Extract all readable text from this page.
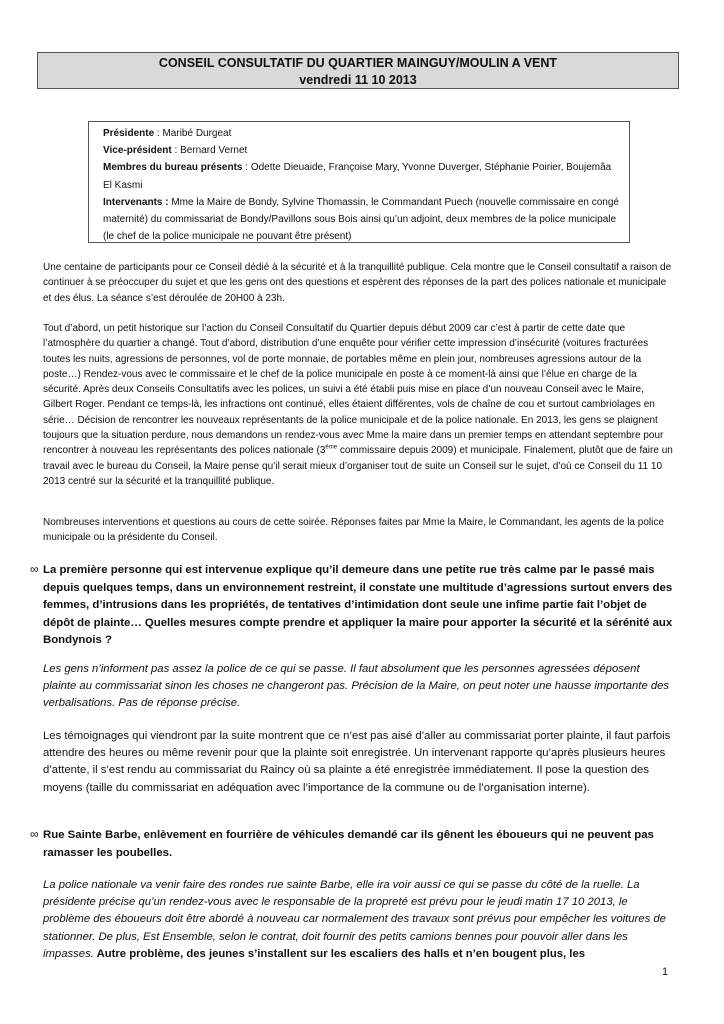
CONSEIL CONSULTATIF DU QUARTIER MAINGUY/MOULIN A VENT
vendredi 11 10 2013
Présidente : Maribé Durgeat
Vice-président : Bernard Vernet
Membres du bureau présents : Odette Dieuaide, Françoise Mary, Yvonne Duverger, Stéphanie Poirier, Boujemâa El Kasmi
Intervenants : Mme la Maire de Bondy, Sylvine Thomassin, le Commandant Puech (nouvelle commissaire en congé maternité) du commissariat de Bondy/Pavillons sous Bois ainsi qu’un adjoint, deux membres de la police municipale (le chef de la police municipale ne pouvant être présent)
Une centaine de participants pour ce Conseil dédié à la sécurité et à la tranquillité publique. Cela montre que le Conseil consultatif a raison de continuer à se préoccuper du sujet et que les gens ont des questions et espèrent des réponses de la part des polices nationale et municipale et des élus. La séance s’est déroulée de 20H00 à 23h.
Tout d’abord, un petit historique sur l’action du Conseil Consultatif du Quartier depuis début 2009 car c’est à partir de cette date que l’atmosphère du quartier a changé. Tout d’abord, distribution d’une enquête pour vérifier cette impression d’insécurité (voitures fracturées toutes les nuits, agressions de personnes, vol de porte monnaie, de portables même en plein jour, nombreuses agressions autour de la poste…) Rendez-vous avec le commissaire et le chef de la police municipale en poste à ce moment-là ainsi que l’élue en charge de la sécurité. Après deux Conseils Consultatifs avec les polices, un suivi a été établi puis mise en place d’un nouveau Conseil avec le Maire, Gilbert Roger. Pendant ce temps-là, les infractions ont continué, elles étaient différentes, vols de chaîne de cou et surtout cambriolages en série… Décision de rencontrer les nouveaux représentants de la police municipale et de la police nationale. En 2013, les gens se plaignent toujours que la situation perdure, nous demandons un rendez-vous avec Mme la maire dans un premier temps en attendant septembre pour rencontrer à nouveau les représentants des polices nationale (3ème commissaire depuis 2009) et municipale. Finalement, plutôt que de faire un travail avec le bureau du Conseil, la Maire pense qu’il serait mieux d’organiser tout de suite un Conseil sur le sujet, d’où ce Conseil du 11 10 2013 centré sur la sécurité et la tranquillité publique.
Nombreuses interventions et questions au cours de cette soirée. Réponses faites par Mme la Maire, le Commandant, les agents de la police municipale ou la présidente du Conseil.
∞ La première personne qui est intervenue explique qu’il demeure dans une petite rue très calme par le passé mais depuis quelques temps, dans un environnement restreint, il constate une multitude d’agressions surtout envers des femmes, d’intrusions dans les propriétés, de tentatives d’intimidation dont seule une infime partie fait l’objet de dépôt de plainte… Quelles mesures compte prendre et appliquer la maire pour apporter la sécurité et la sérénité aux Bondynois ?
Les gens n’informent pas assez la police de ce qui se passe. Il faut absolument que les personnes agressées déposent plainte au commissariat sinon les choses ne changeront pas. Précision de la Maire, on peut noter une hausse importante des verbalisations. Pas de réponse précise.
Les témoignages qui viendront par la suite montrent que ce n’est pas aisé d’aller au commissariat porter plainte, il faut parfois attendre des heures ou même revenir pour que la plainte soit enregistrée. Un intervenant rapporte qu’après plusieurs heures d’attente, il s’est rendu au commissariat du Raincy où sa plainte a été enregistrée immédiatement. Il pose la question des moyens (taille du commissariat en adéquation avec l’importance de la commune ou de l’organisation interne).
∞ Rue Sainte Barbe, enlèvement en fourrière de véhicules demandé car ils gênent les éboueurs qui ne peuvent pas ramasser les poubelles.
La police nationale va venir faire des rondes rue sainte Barbe, elle ira voir aussi ce qui se passe du côté de la ruelle. La présidente précise qu’un rendez-vous avec le responsable de la propreté est prévu pour le jeudi matin 17 10 2013, le problème des éboueurs doit être abordé à nouveau car normalement des travaux sont prévus pour empêcher les voitures de stationner. De plus, Est Ensemble, selon le contrat, doit fournir des petits camions bennes pour pouvoir aller dans les impasses. Autre problème, des jeunes s’installent sur les escaliers des halls et n’en bougent plus, les
1
